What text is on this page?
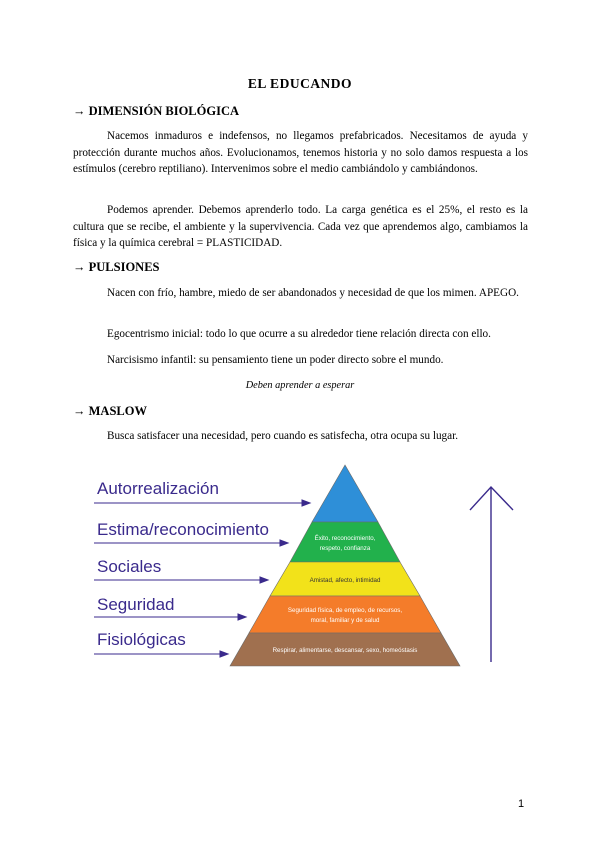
EL EDUCANDO
→ DIMENSIÓN BIOLÓGICA
Nacemos inmaduros e indefensos, no llegamos prefabricados. Necesitamos de ayuda y protección durante muchos años. Evolucionamos, tenemos historia y no solo damos respuesta a los estímulos (cerebro reptiliano). Intervenimos sobre el medio cambiándolo y cambiándonos.
Podemos aprender. Debemos aprenderlo todo. La carga genética es el 25%, el resto es la cultura que se recibe, el ambiente y la supervivencia. Cada vez que aprendemos algo, cambiamos la física y la química cerebral = PLASTICIDAD.
→ PULSIONES
Nacen con frío, hambre, miedo de ser abandonados y necesidad de que los mimen. APEGO.
Egocentrismo inicial: todo lo que ocurre a su alrededor tiene relación directa con ello.
Narcisismo infantil: su pensamiento tiene un poder directo sobre el mundo.
Deben aprender a esperar
→ MASLOW
Busca satisfacer una necesidad, pero cuando es satisfecha, otra ocupa su lugar.
Éxito, reconocimiento,
respeto, confianza
Amistad, afecto, intimidad
Seguridad física, de empleo, de recursos,
moral, familiar y de salud
Respirar, alimentarse, descansar, sexo, homeóstasis
Autorrealización
Estima/reconocimiento
Sociales
Seguridad
Fisiológicas
1
